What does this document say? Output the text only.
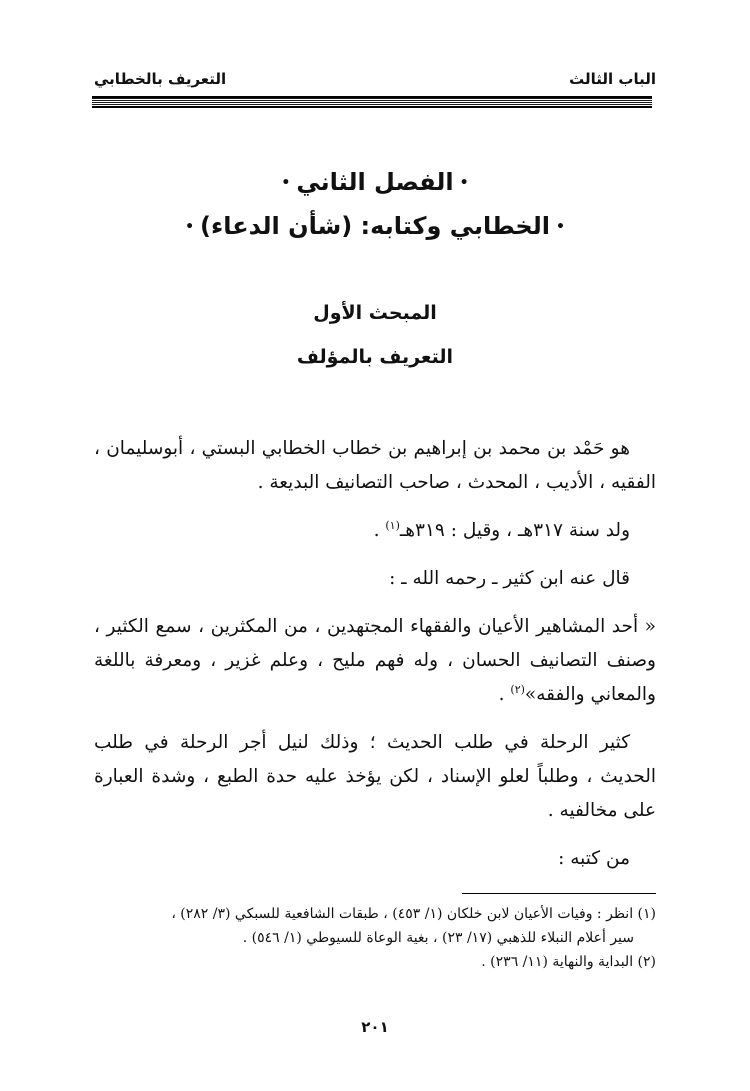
الباب الثالث
التعريف بالخطابي
•الفصل الثاني•
•الخطابي وكتابه: (شأن الدعاء)•
المبحث الأول
التعريف بالمؤلف

هو حَمْد بن محمد بن إبراهيم بن خطاب الخطابي البستي ، أبوسليمان ، الفقيه ، الأديب ، المحدث ، صاحب التصانيف البديعة .

ولد سنة ٣١٧هـ ، وقيل : ٣١٩هـ$^{(١)}$ .

قال عنه ابن كثير ـ رحمه الله ـ :

« أحد المشاهير الأعيان والفقهاء المجتهدين ، من المكثرين ، سمع الكثير ، وصنف التصانيف الحسان ، وله فهم مليح ، وعلم غزير ، ومعرفة باللغة والمعاني والفقه»$^{(٢)}$ .

كثير الرحلة في طلب الحديث ؛ وذلك لنيل أجر الرحلة في طلب الحديث ، وطلباً لعلو الإسناد ، لكن يؤخذ عليه حدة الطبع ، وشدة العبارة على مخالفيه .

من كتبه :

(١) انظر : وفيات الأعيان لابن خلكان (١/ ٤٥٣) ، طبقات الشافعية للسبكي (٣/ ٢٨٢) ،

سير أعلام النبلاء للذهبي (١٧/ ٢٣) ، بغية الوعاة للسيوطي (١/ ٥٤٦) .

(٢) البداية والنهاية (١١/ ٢٣٦) .

٢٠١
